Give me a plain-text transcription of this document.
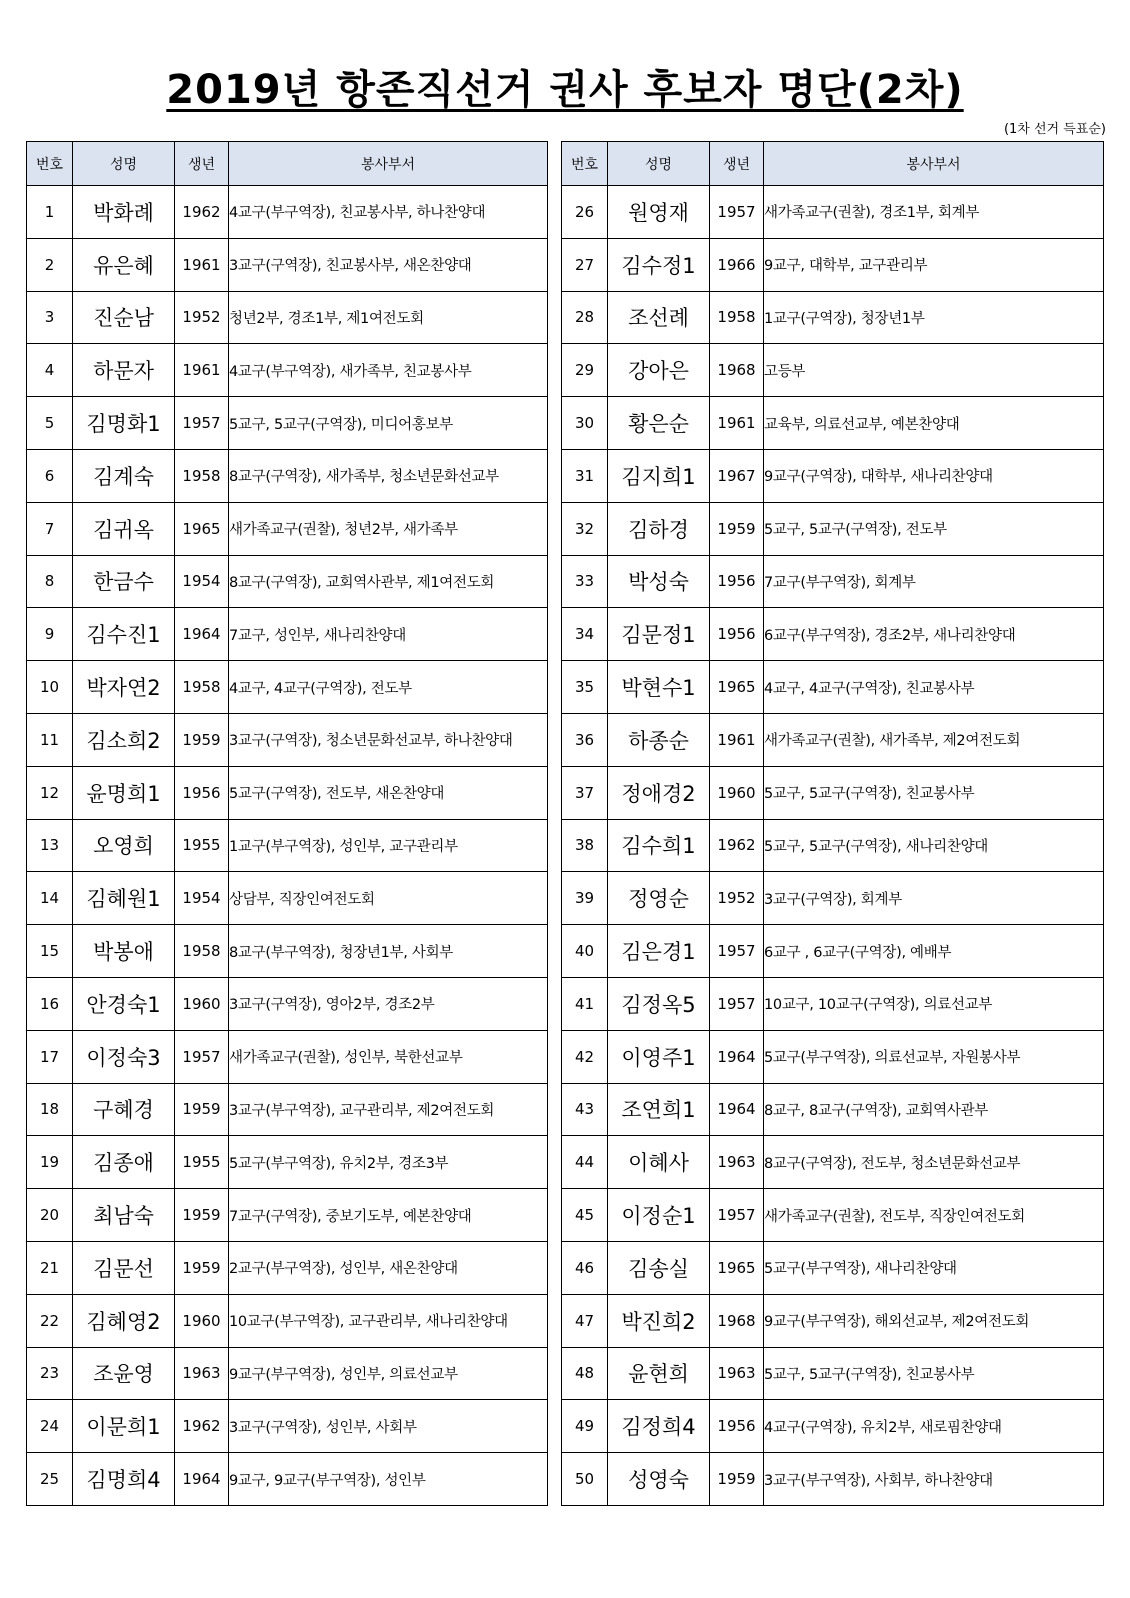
2019년 항존직선거 권사 후보자 명단(2차)
(1차 선거 득표순)
번호	성명	생년	봉사부서
1	박화례	1962	4교구(부구역장), 친교봉사부, 하나찬양대
2	유은혜	1961	3교구(구역장), 친교봉사부, 새온찬양대
3	진순남	1952	청년2부, 경조1부, 제1여전도회
4	하문자	1961	4교구(부구역장), 새가족부, 친교봉사부
5	김명화1	1957	5교구, 5교구(구역장), 미디어홍보부
6	김계숙	1958	8교구(구역장), 새가족부, 청소년문화선교부
7	김귀옥	1965	새가족교구(권찰), 청년2부, 새가족부
8	한금수	1954	8교구(구역장), 교회역사관부, 제1여전도회
9	김수진1	1964	7교구, 성인부, 새나리찬양대
10	박자연2	1958	4교구, 4교구(구역장), 전도부
11	김소희2	1959	3교구(구역장), 청소년문화선교부, 하나찬양대
12	윤명희1	1956	5교구(구역장), 전도부, 새온찬양대
13	오영희	1955	1교구(부구역장), 성인부, 교구관리부
14	김혜원1	1954	상담부, 직장인여전도회
15	박봉애	1958	8교구(부구역장), 청장년1부, 사회부
16	안경숙1	1960	3교구(구역장), 영아2부, 경조2부
17	이정숙3	1957	새가족교구(권찰), 성인부, 북한선교부
18	구혜경	1959	3교구(부구역장), 교구관리부, 제2여전도회
19	김종애	1955	5교구(부구역장), 유치2부, 경조3부
20	최남숙	1959	7교구(구역장), 중보기도부, 예본찬양대
21	김문선	1959	2교구(부구역장), 성인부, 새온찬양대
22	김혜영2	1960	10교구(부구역장), 교구관리부, 새나리찬양대
23	조윤영	1963	9교구(부구역장), 성인부, 의료선교부
24	이문희1	1962	3교구(구역장), 성인부, 사회부
25	김명희4	1964	9교구, 9교구(부구역장), 성인부
번호	성명	생년	봉사부서
26	원영재	1957	새가족교구(권찰), 경조1부, 회계부
27	김수정1	1966	9교구, 대학부, 교구관리부
28	조선례	1958	1교구(구역장), 청장년1부
29	강아은	1968	고등부
30	황은순	1961	교육부, 의료선교부, 예본찬양대
31	김지희1	1967	9교구(구역장), 대학부, 새나리찬양대
32	김하경	1959	5교구, 5교구(구역장), 전도부
33	박성숙	1956	7교구(부구역장), 회계부
34	김문정1	1956	6교구(부구역장), 경조2부, 새나리찬양대
35	박현수1	1965	4교구, 4교구(구역장), 친교봉사부
36	하종순	1961	새가족교구(권찰), 새가족부, 제2여전도회
37	정애경2	1960	5교구, 5교구(구역장), 친교봉사부
38	김수희1	1962	5교구, 5교구(구역장), 새나리찬양대
39	정영순	1952	3교구(구역장), 회계부
40	김은경1	1957	6교구 , 6교구(구역장), 예배부
41	김정옥5	1957	10교구, 10교구(구역장), 의료선교부
42	이영주1	1964	5교구(부구역장), 의료선교부, 자원봉사부
43	조연희1	1964	8교구, 8교구(구역장), 교회역사관부
44	이혜사	1963	8교구(구역장), 전도부, 청소년문화선교부
45	이정순1	1957	새가족교구(권찰), 전도부, 직장인여전도회
46	김송실	1965	5교구(부구역장), 새나리찬양대
47	박진희2	1968	9교구(부구역장), 해외선교부, 제2여전도회
48	윤현희	1963	5교구, 5교구(구역장), 친교봉사부
49	김정희4	1956	4교구(구역장), 유치2부, 새로핌찬양대
50	성영숙	1959	3교구(부구역장), 사회부, 하나찬양대
